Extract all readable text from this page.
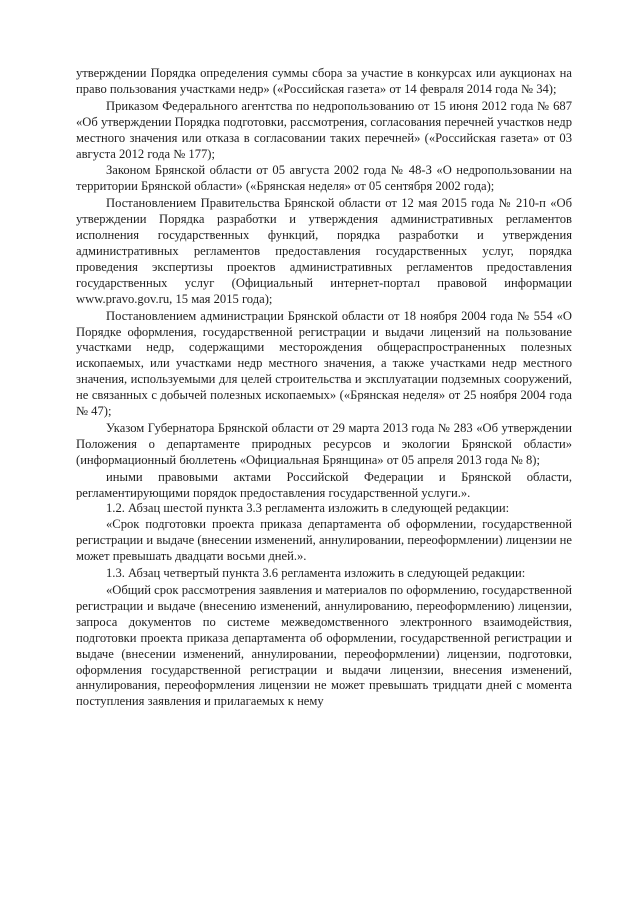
утверждении Порядка определения суммы сбора за участие в конкурсах или аукционах на право пользования участками недр» («Российская газета» от 14 февраля 2014 года № 34);

Приказом Федерального агентства по недропользованию от 15 июня 2012 года № 687 «Об утверждении Порядка подготовки, рассмотрения, согласования перечней участков недр местного значения или отказа в согласовании таких перечней» («Российская газета» от 03 августа 2012 года № 177);

Законом Брянской области от 05 августа 2002 года № 48-З «О недропользовании на территории Брянской области» («Брянская неделя» от 05 сентября 2002 года);

Постановлением Правительства Брянской области от 12 мая 2015 года № 210-п «Об утверждении Порядка разработки и утверждения административных регламентов исполнения государственных функций, порядка разработки и утверждения административных регламентов предоставления государственных услуг, порядка проведения экспертизы проектов административных регламентов предоставления государственных услуг (Официальный интернет-портал правовой информации www.pravo.gov.ru, 15 мая 2015 года);

Постановлением администрации Брянской области от 18 ноября 2004 года № 554 «О Порядке оформления, государственной регистрации и выдачи лицензий на пользование участками недр, содержащими месторождения общераспространенных полезных ископаемых, или участками недр местного значения, а также участками недр местного значения, используемыми для целей строительства и эксплуатации подземных сооружений, не связанных с добычей полезных ископаемых» («Брянская неделя» от 25 ноября 2004 года № 47);

Указом Губернатора Брянской области от 29 марта 2013 года № 283 «Об утверждении Положения о департаменте природных ресурсов и экологии Брянской области» (информационный бюллетень «Официальная Брянщина» от 05 апреля 2013 года № 8);

иными правовыми актами Российской Федерации и Брянской области, регламентирующими порядок предоставления государственной услуги.».

1.2. Абзац шестой пункта 3.3 регламента изложить в следующей редакции:

«Срок подготовки проекта приказа департамента об оформлении, государственной регистрации и выдаче (внесении изменений, аннулировании, переоформлении) лицензии не может превышать двадцати восьми дней.».

1.3. Абзац четвертый пункта 3.6 регламента изложить в следующей редакции:

«Общий срок рассмотрения заявления и материалов по оформлению, государственной регистрации и выдаче (внесению изменений, аннулированию, переоформлению) лицензии, запроса документов по системе межведомственного электронного взаимодействия, подготовки проекта приказа департамента об оформлении, государственной регистрации и выдаче (внесении изменений, аннулировании, переоформлении) лицензии, подготовки, оформления государственной регистрации и выдачи лицензии, внесения изменений, аннулирования, переоформления лицензии не может превышать тридцати дней с момента поступления заявления и прилагаемых к нему
